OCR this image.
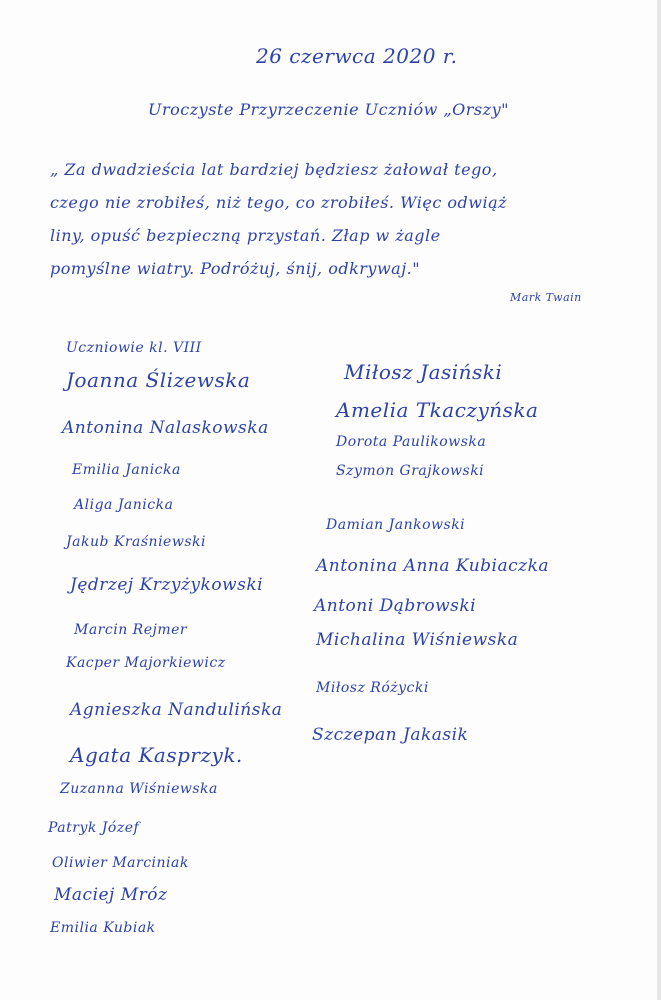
26 czerwca 2020 r.
Uroczyste Przyrzeczenie Uczniów „Orszy"
„ Za dwadzieścia lat bardziej będziesz żałował tego,
czego nie zrobiłeś, niż tego, co zrobiłeś. Więc odwiąż
liny, opuść bezpieczną przystań. Złap w żagle
pomyślne wiatry. Podróżuj, śnij, odkrywaj."
Mark Twain
Uczniowie kl. VIII
Joanna Ślizewska
Antonina Nalaskowska
Emilia Janicka
Aliga Janicka
Jakub Kraśniewski
Jędrzej Krzyżykowski
Marcin Rejmer
Kacper Majorkiewicz
Agnieszka Nandulińska
Agata Kasprzyk.
Zuzanna Wiśniewska
Patryk Józef
Oliwier Marciniak
Maciej Mróz
Emilia Kubiak
Miłosz Jasiński
Amelia Tkaczyńska
Dorota Paulikowska
Szymon Grajkowski
Damian Jankowski
Antonina Anna Kubiaczka
Antoni Dąbrowski
Michalina Wiśniewska
Miłosz Różycki
Szczepan Jakasik
